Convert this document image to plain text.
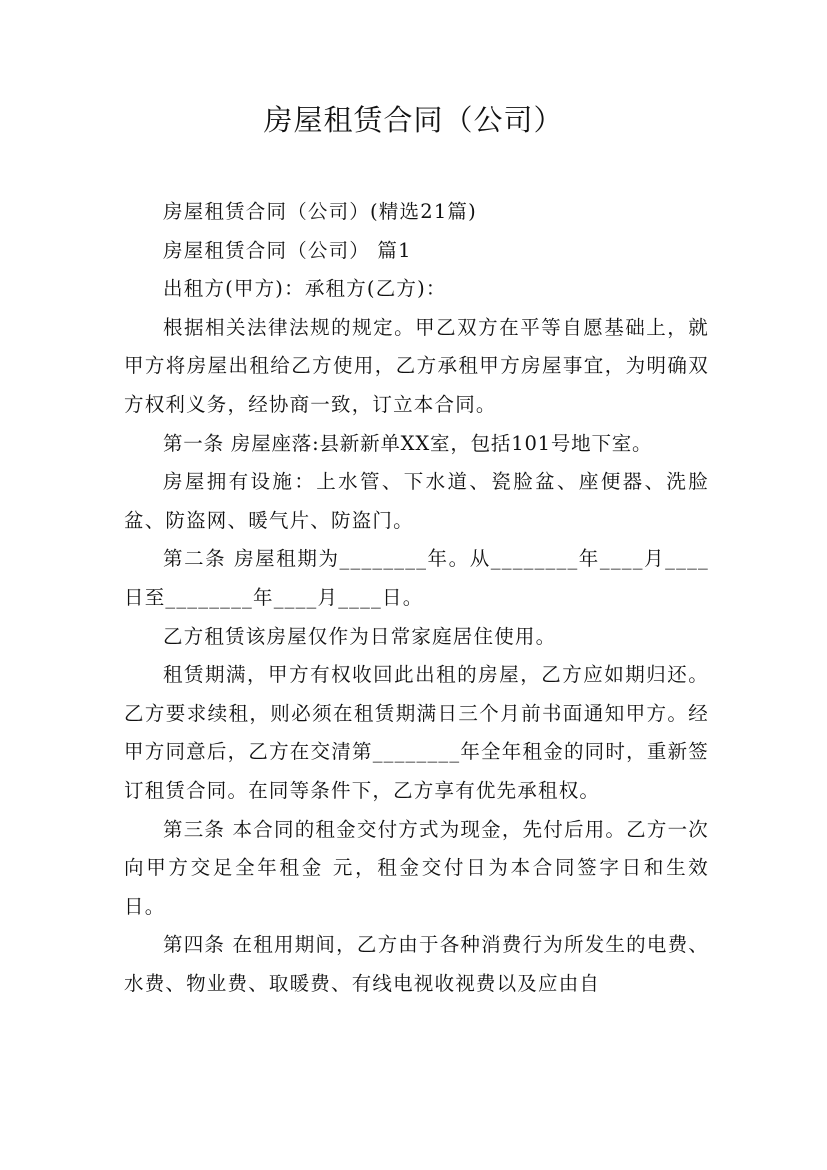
房屋租赁合同（公司）

房屋租赁合同（公司）(精选21篇)

房屋租赁合同（公司） 篇1

出租方(甲方)：承租方(乙方)：

根据相关法律法规的规定。甲乙双方在平等自愿基础上，就甲方将房屋出租给乙方使用，乙方承租甲方房屋事宜，为明确双方权利义务，经协商一致，订立本合同。

第一条 房屋座落:县新新单XX室，包括101号地下室。

房屋拥有设施：上水管、下水道、瓷脸盆、座便器、洗脸盆、防盗网、暖气片、防盗门。

第二条 房屋租期为________年。从________年____月____日至________年____月____日。

乙方租赁该房屋仅作为日常家庭居住使用。

租赁期满，甲方有权收回此出租的房屋，乙方应如期归还。乙方要求续租，则必须在租赁期满日三个月前书面通知甲方。经甲方同意后，乙方在交清第________年全年租金的同时，重新签订租赁合同。在同等条件下，乙方享有优先承租权。

第三条 本合同的租金交付方式为现金，先付后用。乙方一次向甲方交足全年租金 元，租金交付日为本合同签字日和生效日。

第四条 在租用期间，乙方由于各种消费行为所发生的电费、水费、物业费、取暖费、有线电视收视费以及应由自
